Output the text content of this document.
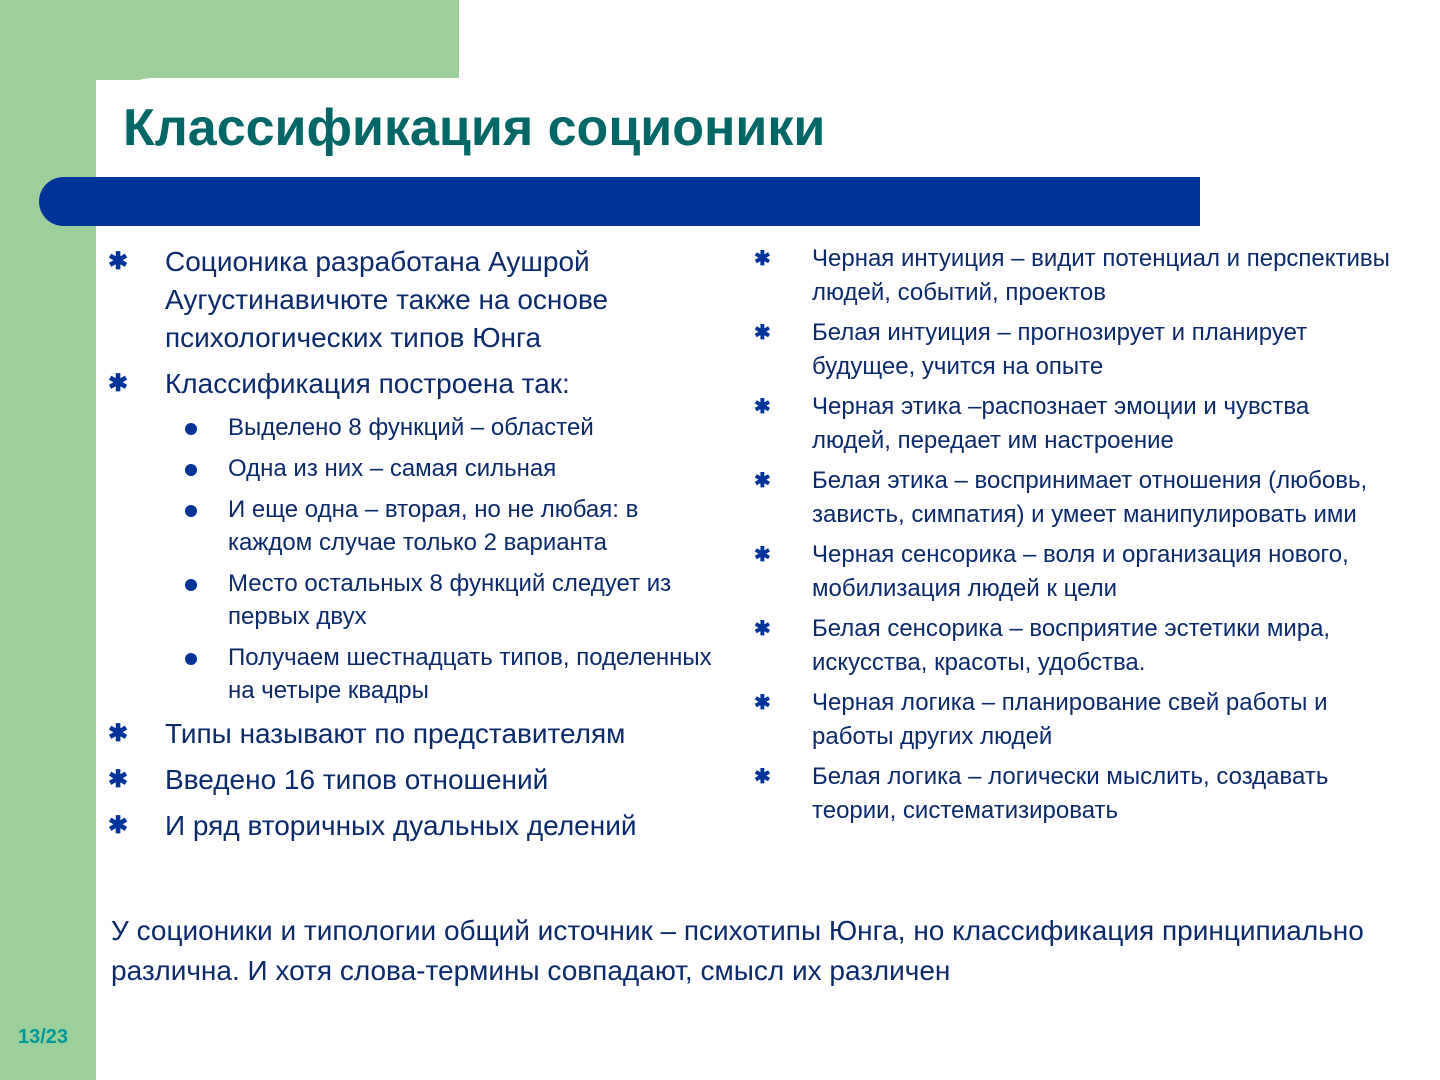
Классификация соционики
✱ Соционика разработана Аушрой Аугустинавичюте также на основе психологических типов Юнга
✱ Классификация построена так:
Выделено 8 функций – областей
Одна из них – самая сильная
И еще одна – вторая, но не любая: в каждом случае только 2 варианта
Место остальных 8 функций следует из первых двух
Получаем шестнадцать типов, поделенных на четыре квадры
✱ Типы называют по представителям
✱ Введено 16 типов отношений
✱ И ряд вторичных дуальных делений
✱ Черная интуиция – видит потенциал и перспективы людей, событий, проектов
✱ Белая интуиция – прогнозирует и планирует будущее, учится на опыте
✱ Черная этика –распознает эмоции и чувства людей, передает им настроение
✱ Белая этика – воспринимает отношения (любовь, зависть, симпатия) и умеет манипулировать ими
✱ Черная сенсорика – воля и организация нового, мобилизация людей к цели
✱ Белая сенсорика – восприятие эстетики мира, искусства, красоты, удобства.
✱ Черная логика – планирование свей работы и работы других людей
✱ Белая логика – логически мыслить, создавать теории, систематизировать

У соционики и типологии общий источник – психотипы Юнга, но классификация принципиально различна. И хотя слова-термины совпадают, смысл их различен

13/23
